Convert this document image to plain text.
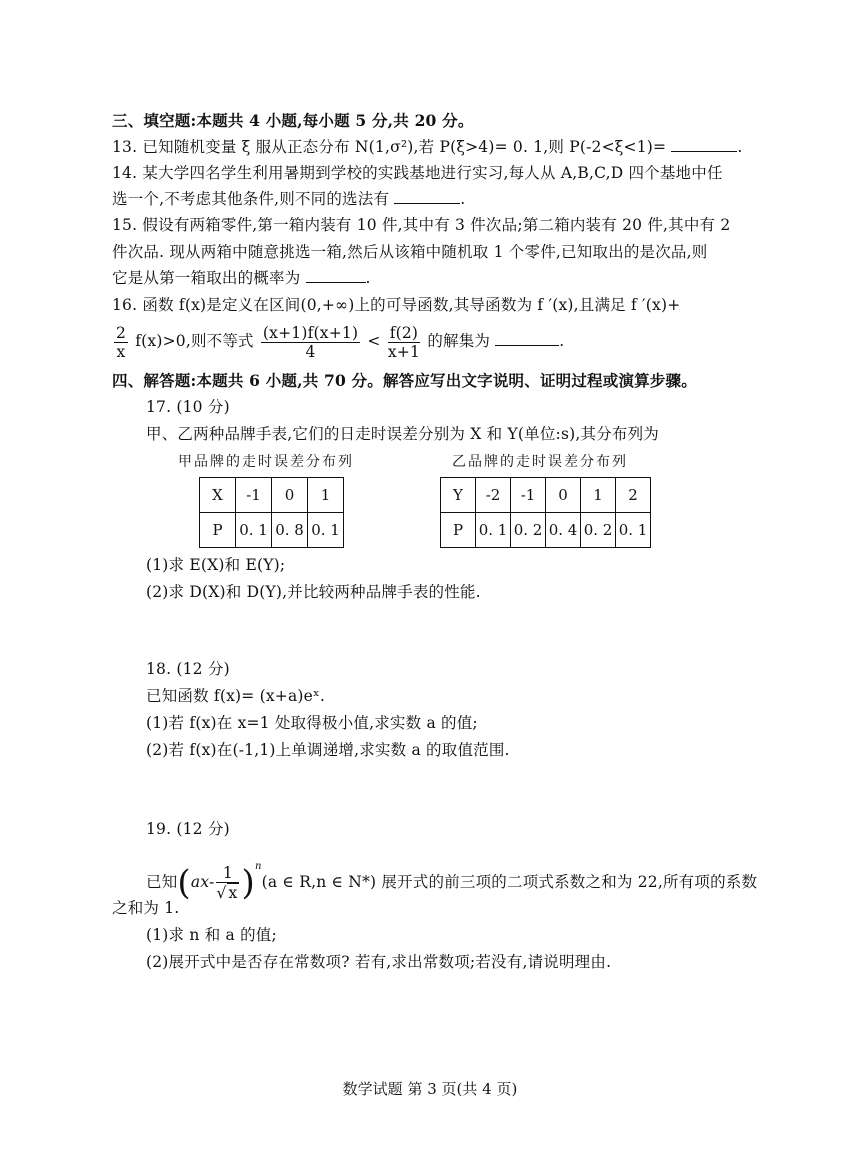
三、填空题:本题共 4 小题,每小题 5 分,共 20 分。
13. 已知随机变量 ξ 服从正态分布 N(1,σ²),若 P(ξ>4)= 0. 1,则 P(-2<ξ<1)=	.
14. 某大学四名学生利用暑期到学校的实践基地进行实习,每人从 A,B,C,D 四个基地中任
选一个,不考虑其他条件,则不同的选法有	.
15. 假设有两箱零件,第一箱内装有 10 件,其中有 3 件次品;第二箱内装有 20 件,其中有 2
件次品. 现从两箱中随意挑选一箱,然后从该箱中随机取 1 个零件,已知取出的是次品,则
它是从第一箱取出的概率为	.
16. 函数 f(x)是定义在区间(0,+∞)上的可导函数,其导函数为 f ′(x),且满足 f ′(x)+
$\frac{2}{x} f(x)>0$,则不等式 $\frac{(x+1)f(x+1)}{4} < \frac{f(2)}{x+1}$ 的解集为	.
四、解答题:本题共 6 小题,共 70 分。解答应写出文字说明、证明过程或演算步骤。
17. (10 分)
甲、乙两种品牌手表,它们的日走时误差分别为 X 和 Y(单位:s),其分布列为
甲品牌的走时误差分布列	乙品牌的走时误差分布列
X	-1	0	1
P	0. 1	0. 8	0. 1
Y	-2	-1	0	1	2
P	0. 1	0. 2	0. 4	0. 2	0. 1
(1)求 E(X)和 E(Y);
(2)求 D(X)和 D(Y),并比较两种品牌手表的性能.
18. (12 分)
已知函数 f(x)= (x+a)eˣ.
(1)若 f(x)在 x=1 处取得极小值,求实数 a 的值;
(2)若 f(x)在(-1,1)上单调递增,求实数 a 的取值范围.
19. (12 分)
已知$(ax- \frac{1}{√ x} )^n(a$ ∈ R,n ∈ N*) 展开式的前三项的二项式系数之和为 22,所有项的系数
之和为 1.
(1)求 n 和 a 的值;
(2)展开式中是否存在常数项? 若有,求出常数项;若没有,请说明理由.
数学试题 第 3 页(共 4 页)
